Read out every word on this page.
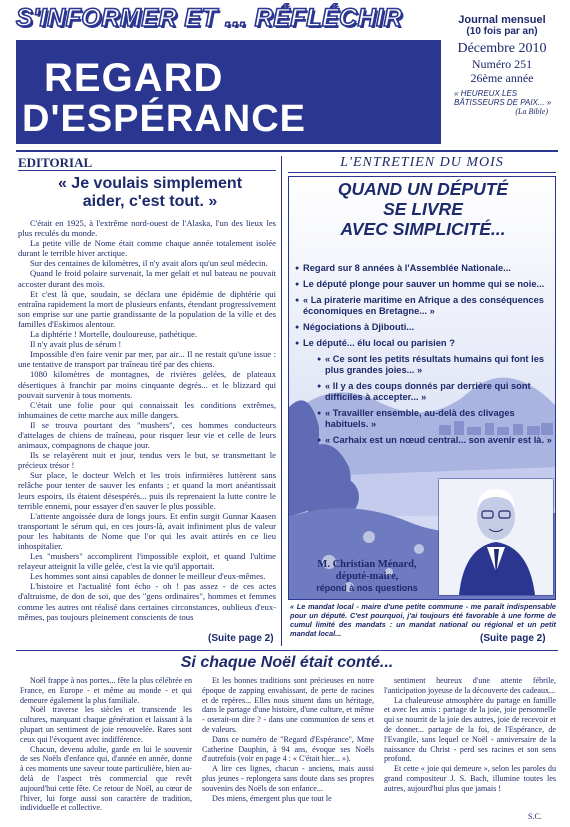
S'INFORMER ET ... RÉFLÉCHIR
REGARD
D'ESPÉRANCE
Journal mensuel
(10 fois par an)
Décembre 2010
Numéro 251
26ème année
« HEUREUX LES BÂTISSEURS DE PAIX... »
(La Bible)
EDITORIAL
« Je voulais simplement aider, c'est tout. »

C'était en 1925, à l'extrême nord-ouest de l'Alaska, l'un des lieux les plus reculés du monde.

La petite ville de Nome était comme chaque année totalement isolée durant le terrible hiver arctique.

Sur des centaines de kilomètres, il n'y avait alors qu'un seul médecin.

Quand le froid polaire survenait, la mer gelait et nul bateau ne pouvait accoster durant des mois.

Et c'est là que, soudain, se déclara une épidémie de diphtérie qui entraîna rapidement la mort de plusieurs enfants, étendant progressivement son emprise sur une partie grandissante de la population de la ville et des familles d'Eskimos alentour.

La diphtérie ! Mortelle, douloureuse, pathétique.

Il n'y avait plus de sérum !

Impossible d'en faire venir par mer, par air... Il ne restait qu'une issue : une tentative de transport par traîneau tiré par des chiens.

1080 kilomètres de montagnes, de rivières gelées, de plateaux désertiques à franchir par moins cinquante degrés... et le blizzard qui pouvait survenir à tous moments.

C'était une folie pour qui connaissait les conditions extrêmes, inhumaines de cette marche aux mille dangers.

Il se trouva pourtant des "mushers", ces hommes conducteurs d'attelages de chiens de traîneau, pour risquer leur vie et celle de leurs animaux, compagnons de chaque jour.

Ils se relayèrent nuit et jour, tendus vers le but, se transmettant le précieux trésor !

Sur place, le docteur Welch et les trois infirmières luttèrent sans relâche pour tenter de sauver les enfants ; et quand la mort anéantissait leurs espoirs, ils étaient désespérés... puis ils reprenaient la lutte contre le terrible ennemi, pour essayer d'en sauver le plus possible.

L'attente angoissée dura de longs jours. Et enfin surgit Gunnar Kaasen transportant le sérum qui, en ces jours-là, avait infiniment plus de valeur pour les habitants de Nome que l'or qui les avait attirés en ce lieu inhospitalier.

Les "mushers" accomplirent l'impossible exploit, et quand l'ultime relayeur atteignit la ville gelée, c'est la vie qu'il apportait.

Les hommes sont ainsi capables de donner le meilleur d'eux-mêmes.

L'histoire et l'actualité font écho - oh ! pas assez - de ces actes d'altruisme, de don de soi, que des "gens ordinaires", hommes et femmes comme les autres ont réalisé dans certaines circonstances, oublieux d'eux-mêmes, pas toujours pleinement conscients de tous

(Suite page 2)
L'ENTRETIEN DU MOIS
QUAND UN DÉPUTÉ
SE LIVRE
AVEC SIMPLICITÉ...
● Regard sur 8 années à l'Assemblée Nationale...
● Le député plonge pour sauver un homme qui se noie...
● « La piraterie maritime en Afrique a des conséquences économiques en Bretagne... »
● Négociations à Djibouti...
● Le député... élu local ou parisien ?
● « Ce sont les petits résultats humains qui font les plus grandes joies... »
● « Il y a des coups donnés par derrière qui sont difficiles à accepter... »
● « Travailler ensemble, au-delà des clivages habituels. »
● « Carhaix est un nœud central... son avenir est là. »
M. Christian Ménard,
député-maire,
répond à nos questions
« Le mandat local - maire d'une petite commune - me paraît indispensable pour un député. C'est pourquoi, j'ai toujours été favorable à une forme de cumul limité des mandats : un mandat national ou régional et un petit mandat local...	(Suite page 2)
Si chaque Noël était conté...

Noël frappe à nos portes... fête la plus célébrée en France, en Europe - et même au monde - et qui demeure également la plus familiale.

Noël traverse les siècles et transcende les cultures, marquant chaque génération et laissant à la plupart un sentiment de joie renouvelée. Rares sont ceux qui l'évoquent avec indifférence.

Chacun, devenu adulte, garde en lui le souvenir de ses Noëls d'enfance qui, d'année en année, donne à ces moments une saveur toute particulière, bien au-delà de l'aspect très commercial que revêt aujourd'hui cette fête. Ce retour de Noël, au cœur de l'hiver, lui forge aussi son caractère de tradition, individuelle et collective.

Et les bonnes traditions sont précieuses en notre époque de zapping envahissant, de perte de racines et de repères... Elles nous situent dans un héritage, dans le partage d'une histoire, d'une culture, et même - oserait-on dire ? - dans une communion de sens et de valeurs.

Dans ce numéro de "Regard d'Espérance", Mme Catherine Dauphin, à 94 ans, évoque ses Noëls d'autrefois (voir en page 4 : « C'était hier... »).

A lire ces lignes, chacun - anciens, mais aussi plus jeunes - replongera sans doute dans ses propres souvenirs des Noëls de son enfance...

Des miens, émergent plus que tout le

sentiment heureux d'une attente fébrile, l'anticipation joyeuse de la découverte des cadeaux...

La chaleureuse atmosphère du partage en famille et avec les amis : partage de la joie, joie personnelle qui se nourrit de la joie des autres, joie de recevoir et de donner... partage de la foi, de l'Espérance, de l'Evangile, sans lequel ce Noël - anniversaire de la naissance du Christ - perd ses racines et son sens profond.

Et cette « joie qui demeure », selon les paroles du grand compositeur J. S. Bach, illumine toutes les autres, aujourd'hui plus que jamais !

S.C.
